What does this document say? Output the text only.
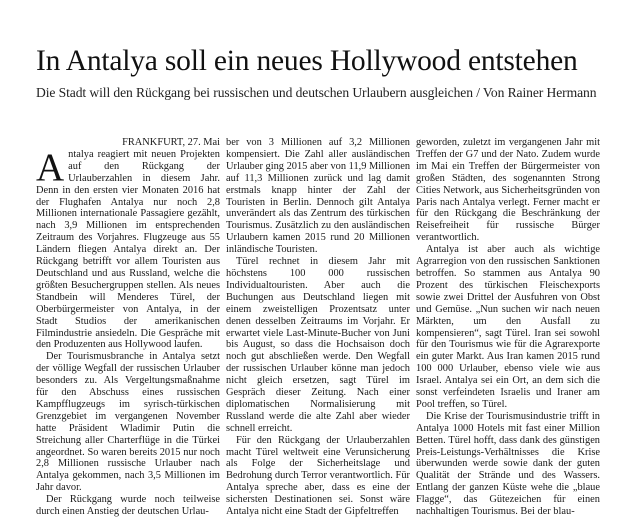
In Antalya soll ein neues Hollywood entstehen
Die Stadt will den Rückgang bei russischen und deutschen Urlaubern ausgleichen / Von Rainer Hermann
FRANKFURT, 27. Mai

Antalya reagiert mit neuen Projekten auf den Rückgang der Urlauberzahlen in diesem Jahr. Denn in den ersten vier Monaten 2016 hat der Flughafen Antalya nur noch 2,8 Millionen internationale Passagiere gezählt, nach 3,9 Millionen im entsprechenden Zeitraum des Vorjahres. Flugzeuge aus 55 Ländern fliegen Antalya direkt an. Der Rückgang betrifft vor allem Touristen aus Deutschland und aus Russland, welche die größten Besuchergruppen stellen. Als neues Standbein will Menderes Türel, der Oberbürgermeister von Antalya, in der Stadt Studios der amerikanischen Filmindustrie ansiedeln. Die Gespräche mit den Produzenten aus Hollywood laufen.

Der Tourismusbranche in Antalya setzt der völlige Wegfall der russischen Urlauber besonders zu. Als Vergeltungsmaßnahme für den Abschuss eines russischen Kampfflugzeugs im syrisch-türkischen Grenzgebiet im vergangenen November hatte Präsident Wladimir Putin die Streichung aller Charterflüge in die Türkei angeordnet. So waren bereits 2015 nur noch 2,8 Millionen russische Urlauber nach Antalya gekommen, nach 3,5 Millionen im Jahr davor.

Der Rückgang wurde noch teilweise durch einen Anstieg der deutschen Urlau-

ber von 3 Millionen auf 3,2 Millionen kompensiert. Die Zahl aller ausländischen Urlauber ging 2015 aber von 11,9 Millionen auf 11,3 Millionen zurück und lag damit erstmals knapp hinter der Zahl der Touristen in Berlin. Dennoch gilt Antalya unverändert als das Zentrum des türkischen Tourismus. Zusätzlich zu den ausländischen Urlaubern kamen 2015 rund 20 Millionen inländische Touristen.

Türel rechnet in diesem Jahr mit höchstens 100 000 russischen Individualtouristen. Aber auch die Buchungen aus Deutschland liegen mit einem zweistelligen Prozentsatz unter denen desselben Zeitraums im Vorjahr. Er erwartet viele Last-Minute-Bucher von Juni bis August, so dass die Hochsaison doch noch gut abschließen werde. Den Wegfall der russischen Urlauber könne man jedoch nicht gleich ersetzen, sagt Türel im Gespräch dieser Zeitung. Nach einer diplomatischen Normalisierung mit Russland werde die alte Zahl aber wieder schnell erreicht.

Für den Rückgang der Urlauberzahlen macht Türel weltweit eine Verunsicherung als Folge der Sicherheitslage und Bedrohung durch Terror verantwortlich. Für Antalya spreche aber, dass es eine der sichersten Destinationen sei. Sonst wäre Antalya nicht eine Stadt der Gipfeltreffen

geworden, zuletzt im vergangenen Jahr mit Treffen der G7 und der Nato. Zudem wurde im Mai ein Treffen der Bürgermeister von großen Städten, des sogenannten Strong Cities Network, aus Sicherheitsgründen von Paris nach Antalya verlegt. Ferner macht er für den Rückgang die Beschränkung der Reisefreiheit für russische Bürger verantwortlich.

Antalya ist aber auch als wichtige Agrarregion von den russischen Sanktionen betroffen. So stammen aus Antalya 90 Prozent des türkischen Fleischexports sowie zwei Drittel der Ausfuhren von Obst und Gemüse. „Nun suchen wir nach neuen Märkten, um den Ausfall zu kompensieren“, sagt Türel. Iran sei sowohl für den Tourismus wie für die Agrarexporte ein guter Markt. Aus Iran kamen 2015 rund 100 000 Urlauber, ebenso viele wie aus Israel. Antalya sei ein Ort, an dem sich die sonst verfeindeten Israelis und Iraner am Pool treffen, so Türel.

Die Krise der Tourismusindustrie trifft in Antalya 1000 Hotels mit fast einer Million Betten. Türel hofft, dass dank des günstigen Preis-Leistungs-Verhältnisses die Krise überwunden werde sowie dank der guten Qualität der Strände und des Wassers. Entlang der ganzen Küste wehe die „blaue Flagge“, das Gütezeichen für einen nachhaltigen Tourismus. Bei der blau-
